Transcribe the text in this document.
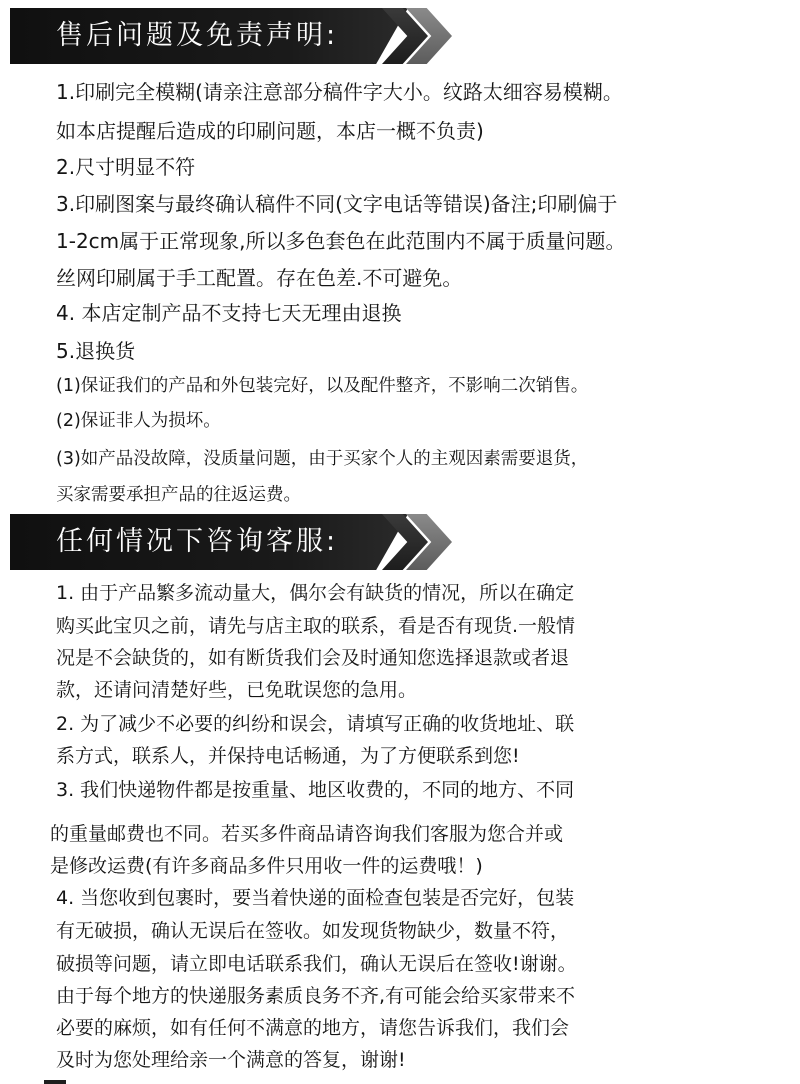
售后问题及免责声明:
1.印刷完全模糊(请亲注意部分稿件字大小。纹路太细容易模糊。
如本店提醒后造成的印刷问题，本店一概不负责)
2.尺寸明显不符
3.印刷图案与最终确认稿件不同(文字电话等错误)备注;印刷偏于
1-2cm属于正常现象,所以多色套色在此范围内不属于质量问题。
丝网印刷属于手工配置。存在色差.不可避免。
4. 本店定制产品不支持七天无理由退换
5.退换货
(1)保证我们的产品和外包装完好，以及配件整齐，不影响二次销售。
(2)保证非人为损坏。
(3)如产品没故障，没质量问题，由于买家个人的主观因素需要退货，
买家需要承担产品的往返运费。
任何情况下咨询客服:
1. 由于产品繁多流动量大，偶尔会有缺货的情况，所以在确定
购买此宝贝之前，请先与店主取的联系，看是否有现货.一般情
况是不会缺货的，如有断货我们会及时通知您选择退款或者退
款，还请问清楚好些，已免耽误您的急用。
2. 为了减少不必要的纠纷和误会，请填写正确的收货地址、联
系方式，联系人，并保持电话畅通，为了方便联系到您!
3. 我们快递物件都是按重量、地区收费的，不同的地方、不同
的重量邮费也不同。若买多件商品请咨询我们客服为您合并或
是修改运费(有许多商品多件只用收一件的运费哦！)
4. 当您收到包裹时，要当着快递的面检查包装是否完好，包装
有无破损，确认无误后在签收。如发现货物缺少，数量不符，
破损等问题，请立即电话联系我们，确认无误后在签收!谢谢。
由于每个地方的快递服务素质良务不齐,有可能会给买家带来不
必要的麻烦，如有任何不满意的地方，请您告诉我们，我们会
及时为您处理给亲一个满意的答复，谢谢!
